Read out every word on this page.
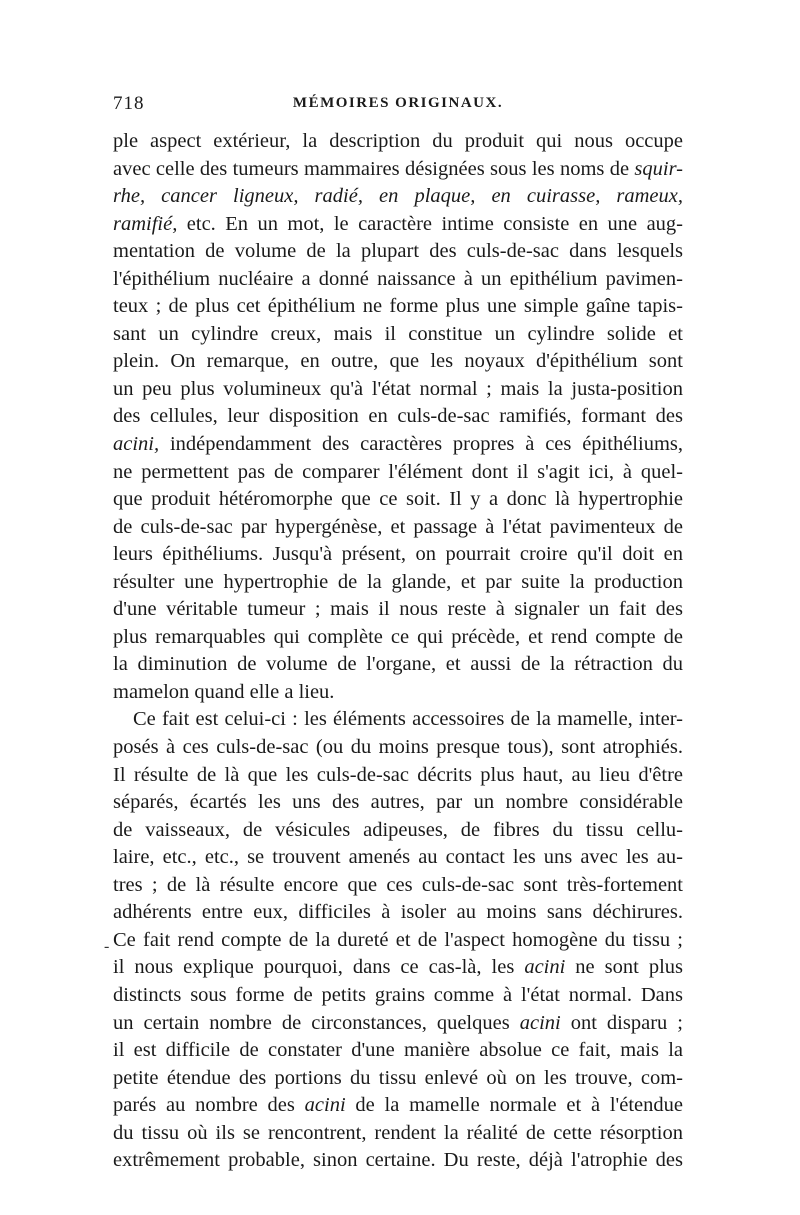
718	MÉMOIRES ORIGINAUX.
-
ple aspect extérieur, la description du produit qui nous occupe
avec celle des tumeurs mammaires désignées sous les noms de squir-
rhe, cancer ligneux, radié, en plaque, en cuirasse, rameux,
ramifié, etc. En un mot, le caractère intime consiste en une aug-
mentation de volume de la plupart des culs-de-sac dans lesquels
l'épithélium nucléaire a donné naissance à un epithélium pavimen-
teux ; de plus cet épithélium ne forme plus une simple gaîne tapis-
sant un cylindre creux, mais il constitue un cylindre solide et
plein. On remarque, en outre, que les noyaux d'épithélium sont
un peu plus volumineux qu'à l'état normal ; mais la justa-position
des cellules, leur disposition en culs-de-sac ramifiés, formant des
acini, indépendamment des caractères propres à ces épithéliums,
ne permettent pas de comparer l'élément dont il s'agit ici, à quel-
que produit hétéromorphe que ce soit. Il y a donc là hypertrophie
de culs-de-sac par hypergénèse, et passage à l'état pavimenteux de
leurs épithéliums. Jusqu'à présent, on pourrait croire qu'il doit en
résulter une hypertrophie de la glande, et par suite la production
d'une véritable tumeur ; mais il nous reste à signaler un fait des
plus remarquables qui complète ce qui précède, et rend compte de
la diminution de volume de l'organe, et aussi de la rétraction du
mamelon quand elle a lieu.
Ce fait est celui-ci : les éléments accessoires de la mamelle, inter-
posés à ces culs-de-sac (ou du moins presque tous), sont atrophiés.
Il résulte de là que les culs-de-sac décrits plus haut, au lieu d'être
séparés, écartés les uns des autres, par un nombre considérable
de vaisseaux, de vésicules adipeuses, de fibres du tissu cellu-
laire, etc., etc., se trouvent amenés au contact les uns avec les au-
tres ; de là résulte encore que ces culs-de-sac sont très-fortement
adhérents entre eux, difficiles à isoler au moins sans déchirures.
Ce fait rend compte de la dureté et de l'aspect homogène du tissu ;
il nous explique pourquoi, dans ce cas-là, les acini ne sont plus
distincts sous forme de petits grains comme à l'état normal. Dans
un certain nombre de circonstances, quelques acini ont disparu ;
il est difficile de constater d'une manière absolue ce fait, mais la
petite étendue des portions du tissu enlevé où on les trouve, com-
parés au nombre des acini de la mamelle normale et à l'étendue
du tissu où ils se rencontrent, rendent la réalité de cette résorption
extrêmement probable, sinon certaine. Du reste, déjà l'atrophie des
